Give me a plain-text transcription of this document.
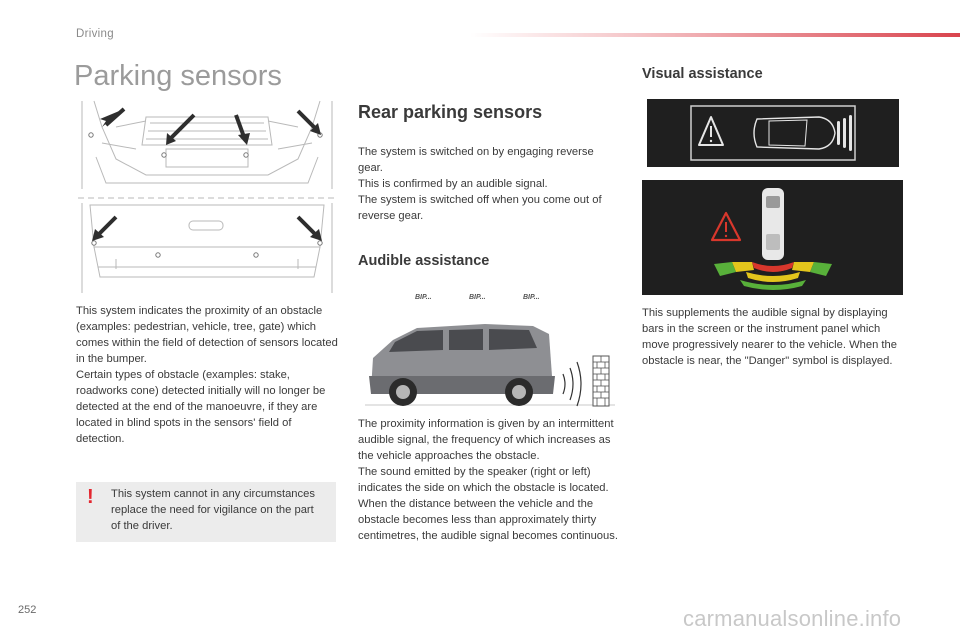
Driving
Parking sensors

This system indicates the proximity of an obstacle (examples: pedestrian, vehicle, tree, gate) which comes within the field of detection of sensors located in the bumper.

Certain types of obstacle (examples: stake, roadworks cone) detected initially will no longer be detected at the end of the manoeuvre, if they are located in blind spots in the sensors' field of detection.

! This system cannot in any circumstances replace the need for vigilance on the part of the driver.
Rear parking sensors

The system is switched on by engaging reverse gear.

This is confirmed by an audible signal.

The system is switched off when you come out of reverse gear.

Audible assistance
BIP...	BIP...	BIP...

The proximity information is given by an intermittent audible signal, the frequency of which increases as the vehicle approaches the obstacle.

The sound emitted by the speaker (right or left) indicates the side on which the obstacle is located.

When the distance between the vehicle and the obstacle becomes less than approximately thirty centimetres, the audible signal becomes continuous.

Visual assistance
This supplements the audible signal by displaying bars in the screen or the instrument panel which move progressively nearer to the vehicle. When the obstacle is near, the "Danger" symbol is displayed.
252	carmanualsonline.info
